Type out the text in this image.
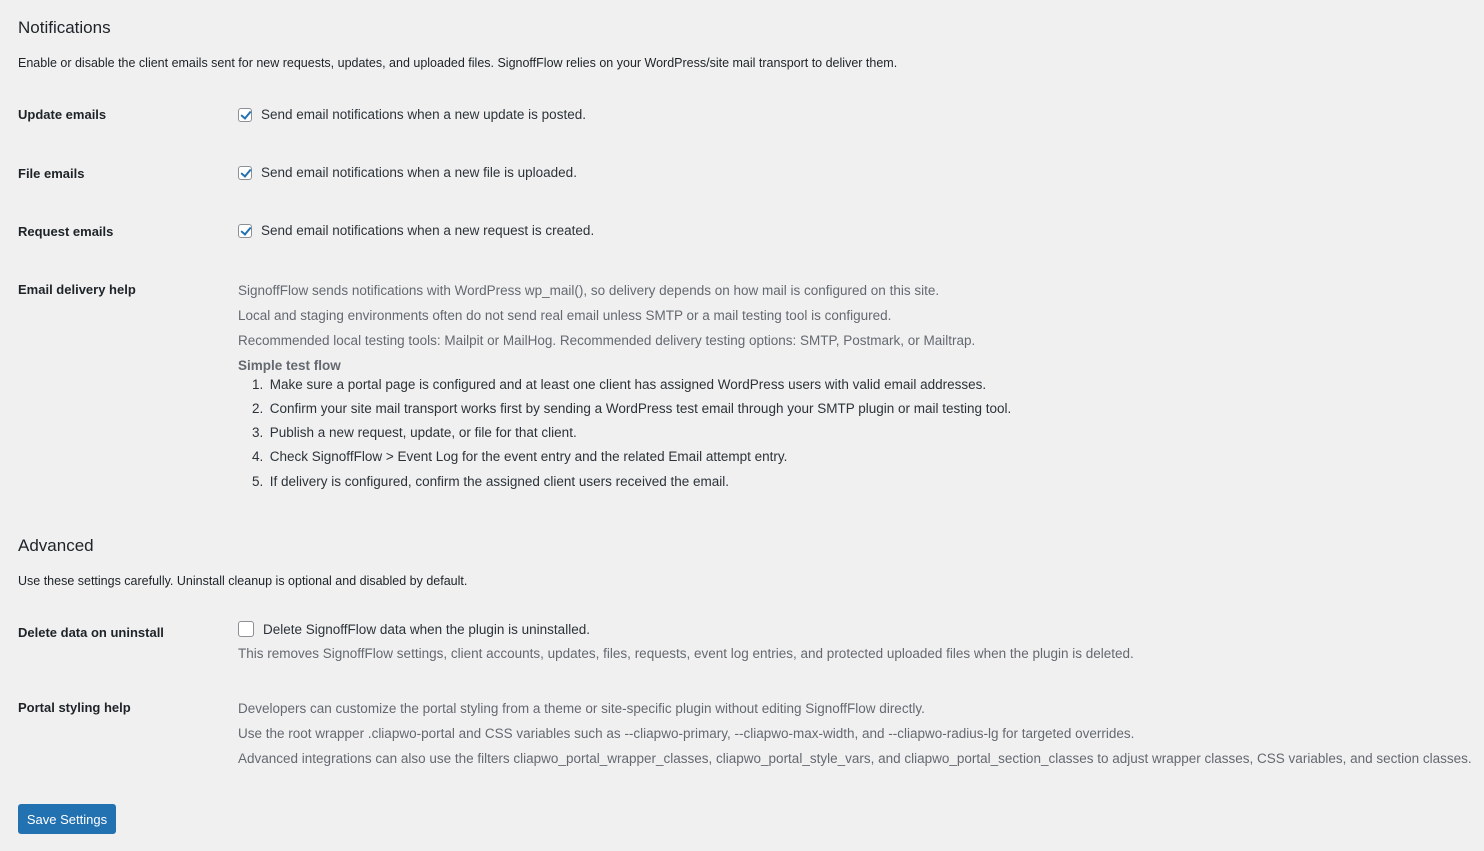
Notifications

Enable or disable the client emails sent for new requests, updates, and uploaded files. SignoffFlow relies on your WordPress/site mail transport to deliver them.

Update emails	Send email notifications when a new update is posted.
File emails	Send email notifications when a new file is uploaded.
Request emails	Send email notifications when a new request is created.
Email delivery help	SignoffFlow sends notifications with WordPress wp_mail(), so delivery depends on how mail is configured on this site.
Local and staging environments often do not send real email unless SMTP or a mail testing tool is configured.
Recommended local testing tools: Mailpit or MailHog. Recommended delivery testing options: SMTP, Postmark, or Mailtrap.
Simple test flow
1. Make sure a portal page is configured and at least one client has assigned WordPress users with valid email addresses.
2. Confirm your site mail transport works first by sending a WordPress test email through your SMTP plugin or mail testing tool.
3. Publish a new request, update, or file for that client.
4. Check SignoffFlow > Event Log for the event entry and the related Email attempt entry.
5. If delivery is configured, confirm the assigned client users received the email.
Advanced

Use these settings carefully. Uninstall cleanup is optional and disabled by default.

Delete data on uninstall	Delete SignoffFlow data when the plugin is uninstalled.
This removes SignoffFlow settings, client accounts, updates, files, requests, event log entries, and protected uploaded files when the plugin is deleted.
Portal styling help	Developers can customize the portal styling from a theme or site-specific plugin without editing SignoffFlow directly.
Use the root wrapper .cliapwo-portal and CSS variables such as --cliapwo-primary, --cliapwo-max-width, and --cliapwo-radius-lg for targeted overrides.
Advanced integrations can also use the filters cliapwo_portal_wrapper_classes, cliapwo_portal_style_vars, and cliapwo_portal_section_classes to adjust wrapper classes, CSS variables, and section classes.
Save Settings
